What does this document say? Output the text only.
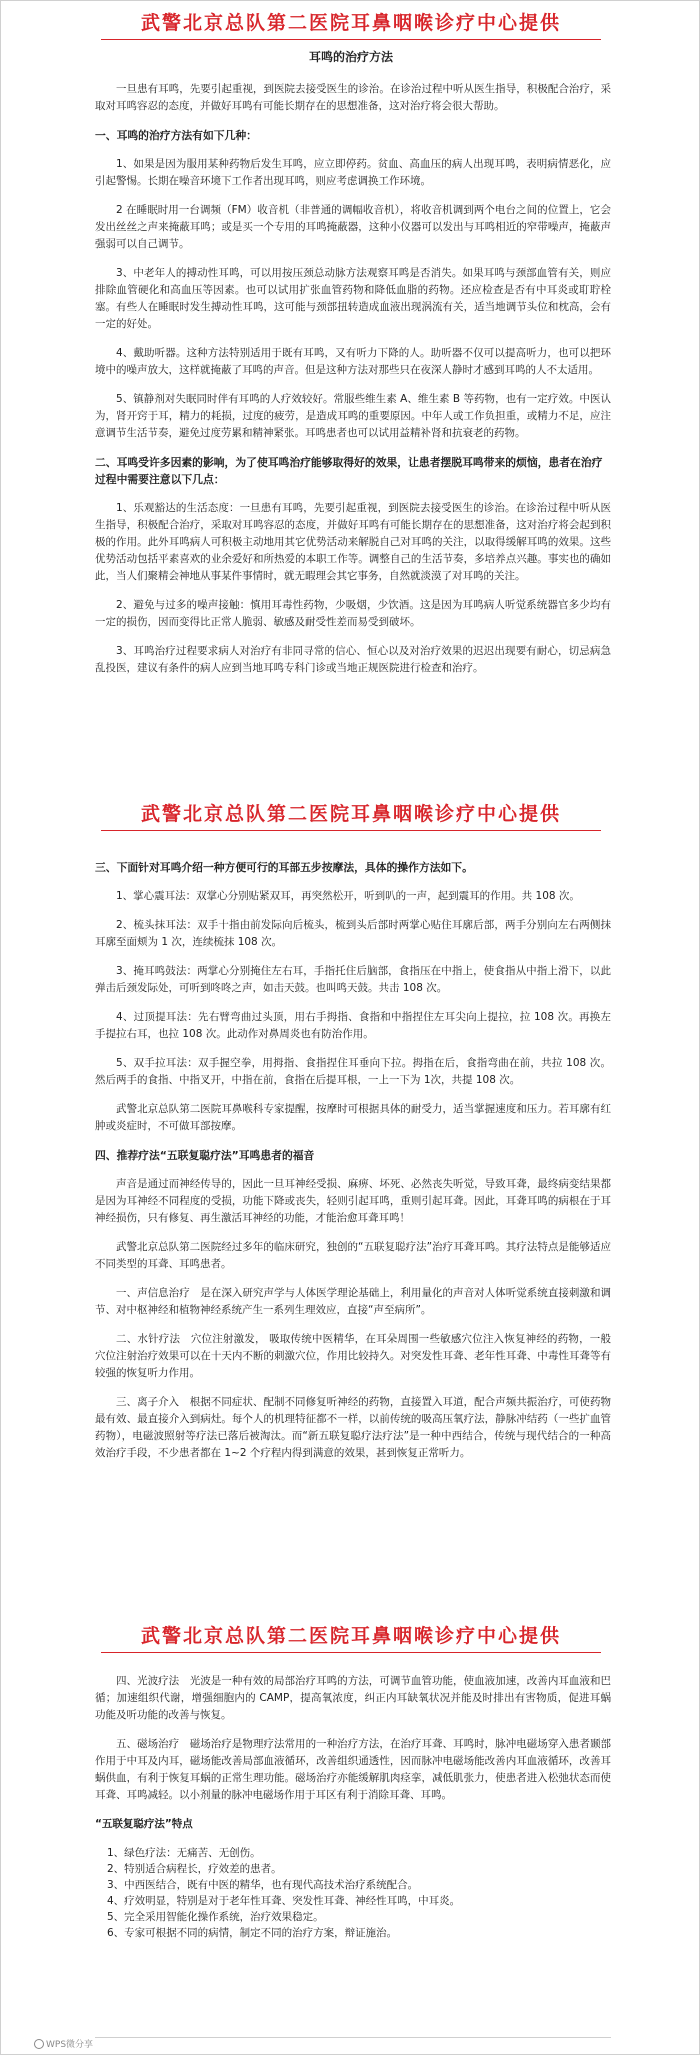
武警北京总队第二医院耳鼻咽喉诊疗中心提供
耳鸣的治疗方法

一旦患有耳鸣，先要引起重视，到医院去接受医生的诊治。在诊治过程中听从医生指导，积极配合治疗，采取对耳鸣容忍的态度，并做好耳鸣有可能长期存在的思想准备，这对治疗将会很大帮助。

一、耳鸣的治疗方法有如下几种：

1、如果是因为服用某种药物后发生耳鸣，应立即停药。贫血、高血压的病人出现耳鸣，表明病情恶化，应引起警惕。长期在噪音环境下工作者出现耳鸣，则应考虑调换工作环境。

2 在睡眠时用一台调频（FM）收音机（非普通的调幅收音机），将收音机调到两个电台之间的位置上，它会发出丝丝之声来掩蔽耳鸣；或是买一个专用的耳鸣掩蔽器，这种小仪器可以发出与耳鸣相近的窄带噪声，掩蔽声强弱可以自己调节。

3、中老年人的搏动性耳鸣，可以用按压颈总动脉方法观察耳鸣是否消失。如果耳鸣与颈部血管有关，则应排除血管硬化和高血压等因素。也可以试用扩张血管药物和降低血脂的药物。还应检查是否有中耳炎或耵聍栓塞。有些人在睡眠时发生搏动性耳鸣，这可能与颈部扭转造成血液出现涡流有关，适当地调节头位和枕高，会有一定的好处。

4、戴助听器。这种方法特别适用于既有耳鸣，又有听力下降的人。助听器不仅可以提高听力，也可以把环境中的噪声放大，这样就掩蔽了耳鸣的声音。但是这种方法对那些只在夜深人静时才感到耳鸣的人不太适用。

5、镇静剂对失眠同时伴有耳鸣的人疗效较好。常服些维生素 A、维生素 B 等药物，也有一定疗效。中医认为，肾开窍于耳，精力的耗损，过度的疲劳，是造成耳鸣的重要原因。中年人或工作负担重，或精力不足，应注意调节生活节奏，避免过度劳累和精神紧张。耳鸣患者也可以试用益精补肾和抗衰老的药物。

二、耳鸣受许多因素的影响，为了使耳鸣治疗能够取得好的效果，让患者摆脱耳鸣带来的烦恼，患者在治疗过程中需要注意以下几点：

1、乐观豁达的生活态度：一旦患有耳鸣，先要引起重视，到医院去接受医生的诊治。在诊治过程中听从医生指导，积极配合治疗，采取对耳鸣容忍的态度，并做好耳鸣有可能长期存在的思想准备，这对治疗将会起到积极的作用。此外耳鸣病人可积极主动地用其它优势活动来解脱自己对耳鸣的关注，以取得缓解耳鸣的效果。这些优势活动包括平素喜欢的业余爱好和所热爱的本职工作等。调整自己的生活节奏，多培养点兴趣。事实也的确如此，当人们聚精会神地从事某件事情时，就无暇理会其它事务，自然就淡漠了对耳鸣的关注。

2、避免与过多的噪声接触：慎用耳毒性药物，少吸烟，少饮酒。这是因为耳鸣病人听觉系统器官多少均有一定的损伤，因而变得比正常人脆弱、敏感及耐受性差而易受到破坏。

3、耳鸣治疗过程要求病人对治疗有非同寻常的信心、恒心以及对治疗效果的迟迟出现要有耐心，切忌病急乱投医，建议有条件的病人应到当地耳鸣专科门诊或当地正规医院进行检查和治疗。

武警北京总队第二医院耳鼻咽喉诊疗中心提供
三、下面针对耳鸣介绍一种方便可行的耳部五步按摩法，具体的操作方法如下。

1、掌心震耳法：双掌心分别贴紧双耳，再突然松开，听到叭的一声，起到震耳的作用。共 108 次。

2、梳头抹耳法：双手十指由前发际向后梳头，梳到头后部时两掌心贴住耳廓后部，两手分别向左右两侧抹耳廓至面颊为 1 次，连续梳抹 108 次。

3、掩耳鸣鼓法：两掌心分别掩住左右耳，手指托住后脑部，食指压在中指上，使食指从中指上滑下，以此弹击后颈发际处，可听到咚咚之声，如击天鼓。也叫鸣天鼓。共击 108 次。

4、过顶提耳法：先右臂弯曲过头顶，用右手拇指、食指和中指捏住左耳尖向上提拉，拉 108 次。再换左手提拉右耳，也拉 108 次。此动作对鼻周炎也有防治作用。

5、双手拉耳法：双手握空拳，用拇指、食指捏住耳垂向下拉。拇指在后，食指弯曲在前，共拉 108 次。然后两手的食指、中指叉开，中指在前，食指在后提耳根，一上一下为 1次，共提 108 次。

武警北京总队第二医院耳鼻喉科专家提醒，按摩时可根据具体的耐受力，适当掌握速度和压力。若耳廓有红肿或炎症时，不可做耳部按摩。

四、推荐疗法“五联复聪疗法”耳鸣患者的福音

声音是通过而神经传导的，因此一旦耳神经受损、麻痹、坏死、必然丧失听觉，导致耳聋，最终病变结果都是因为耳神经不同程度的受损，功能下降或丧失，轻则引起耳鸣，重则引起耳聋。因此，耳聋耳鸣的病根在于耳神经损伤，只有修复、再生激活耳神经的功能，才能治愈耳聋耳鸣！

武警北京总队第二医院经过多年的临床研究，独创的“五联复聪疗法”治疗耳聋耳鸣。其疗法特点是能够适应不同类型的耳聋、耳鸣患者。

一、声信息治疗　是在深入研究声学与人体医学理论基础上，利用量化的声音对人体听觉系统直接刺激和调节、对中枢神经和植物神经系统产生一系列生理效应，直接“声至病所”。

二、水针疗法　穴位注射激发， 吸取传统中医精华，在耳朵周围一些敏感穴位注入恢复神经的药物，一般穴位注射治疗效果可以在十天内不断的刺激穴位，作用比较持久。对突发性耳聋、老年性耳聋、中毒性耳聋等有较强的恢复听力作用。

三、离子介入　根据不同症状、配制不同修复听神经的药物，直接置入耳道，配合声频共振治疗，可使药物最有效、最直接介入到病灶。每个人的机理特征都不一样，以前传统的吸高压氧疗法，静脉冲结药（一些扩血管药物），电磁波照射等疗法已落后被淘汰。而“新五联复聪疗法疗法”是一种中西结合，传统与现代结合的一种高效治疗手段，不少患者都在 1~2 个疗程内得到满意的效果，甚到恢复正常听力。

武警北京总队第二医院耳鼻咽喉诊疗中心提供

四、光波疗法　光波是一种有效的局部治疗耳鸣的方法，可调节血管功能，使血液加速，改善内耳血液和巴循；加速组织代谢，增强细胞内的 CAMP，提高氧浓度，纠正内耳缺氧状况并能及时排出有害物质，促进耳蜗功能及听功能的改善与恢复。

五、磁场治疗　磁场治疗是物理疗法常用的一种治疗方法，在治疗耳聋、耳鸣时，脉冲电磁场穿入患者颞部作用于中耳及内耳，磁场能改善局部血液循环，改善组织通透性，因而脉冲电磁场能改善内耳血液循环，改善耳蜗供血，有利于恢复耳蜗的正常生理功能。磁场治疗亦能缓解肌肉痉挛，减低肌张力，使患者进入松弛状态而使耳聋、耳鸣减轻。以小剂量的脉冲电磁场作用于耳区有利于消除耳聋、耳鸣。

“五联复聪疗法”特点

1、绿色疗法：无痛苦、无创伤。
2、特别适合病程长，疗效差的患者。
3、中西医结合，既有中医的精华，也有现代高技术治疗系统配合。
4、疗效明显，特别是对于老年性耳聋、突发性耳聋、神经性耳鸣，中耳炎。
5、完全采用智能化操作系统，治疗效果稳定。
6、专家可根据不同的病情，制定不同的治疗方案，辩证施治。
WPS微分享
